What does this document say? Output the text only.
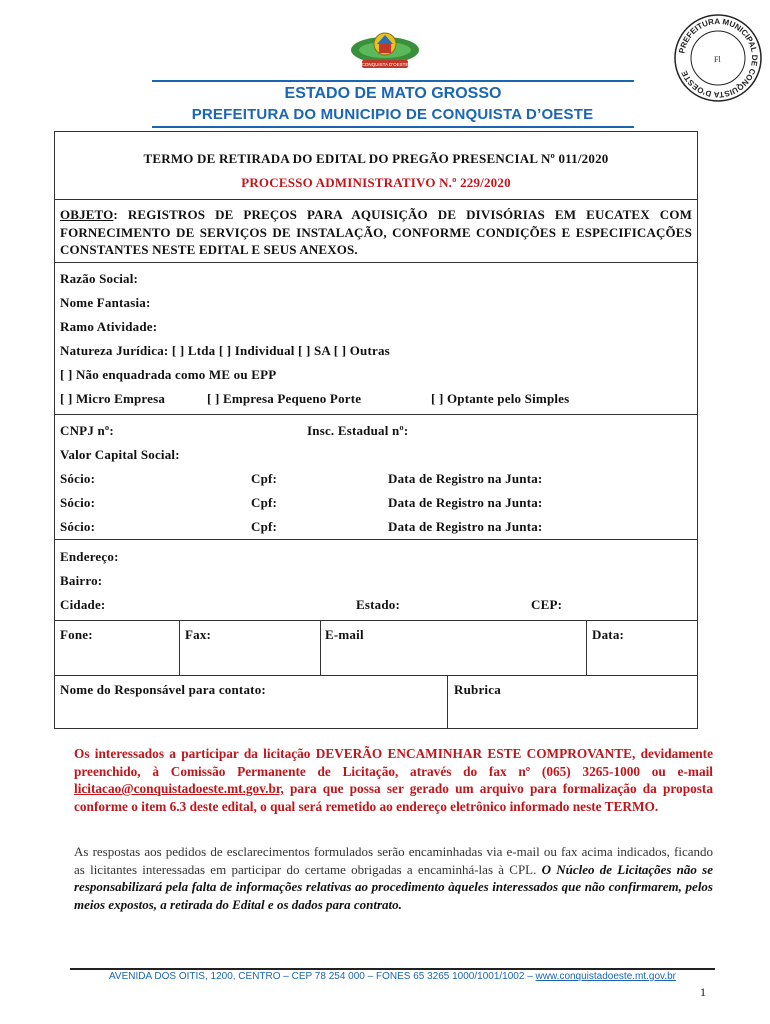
CONQUISTA D'OESTE
ESTADO DE MATO GROSSO
PREFEITURA DO MUNICIPIO DE CONQUISTA D’OESTE
PREFEITURA MUNICIPAL DE CONQUISTA D'OESTE
Fl
TERMO DE RETIRADA DO EDITAL DO PREGÃO PRESENCIAL Nº 011/2020
PROCESSO ADMINISTRATIVO N.º 229/2020
OBJETO: REGISTROS DE PREÇOS PARA AQUISIÇÃO DE DIVISÓRIAS EM EUCATEX COM FORNECIMENTO DE SERVIÇOS DE INSTALAÇÃO, CONFORME CONDIÇÕES E ESPECIFICAÇÕES CONSTANTES NESTE EDITAL E SEUS ANEXOS.
Razão Social:
Nome Fantasia:
Ramo Atividade:
Natureza Jurídica: [ ] Ltda [ ] Individual [ ] SA [ ] Outras
[ ] Não enquadrada como ME ou EPP
[ ] Micro Empresa	[ ] Empresa Pequeno Porte	[ ] Optante pelo Simples
CNPJ nº:	Insc. Estadual nº:
Valor Capital Social:
Sócio:	Cpf:	Data de Registro na Junta:
Sócio:	Cpf:	Data de Registro na Junta:
Sócio:	Cpf:	Data de Registro na Junta:
Endereço:
Bairro:
Cidade:	Estado:	CEP:
Fone:	Fax:	E-mail	Data:
Nome do Responsável para contato:	Rubrica
Os interessados a participar da licitação DEVERÃO ENCAMINHAR ESTE COMPROVANTE, devidamente preenchido, à Comissão Permanente de Licitação, através do fax nº (065) 3265-1000 ou e-mail licitacao@conquistadoeste.mt.gov.br, para que possa ser gerado um arquivo para formalização da proposta conforme o item 6.3 deste edital, o qual será remetido ao endereço eletrônico informado neste TERMO.
As respostas aos pedidos de esclarecimentos formulados serão encaminhadas via e-mail ou fax acima indicados, ficando as licitantes interessadas em participar do certame obrigadas a encaminhá-las à CPL. O Núcleo de Licitações não se responsabilizará pela falta de informações relativas ao procedimento àqueles interessados que não confirmarem, pelos meios expostos, a retirada do Edital e os dados para contrato.
AVENIDA DOS OITIS, 1200, CENTRO – CEP 78 254 000 – FONES 65 3265 1000/1001/1002 – www.conquistadoeste.mt.gov.br
1
